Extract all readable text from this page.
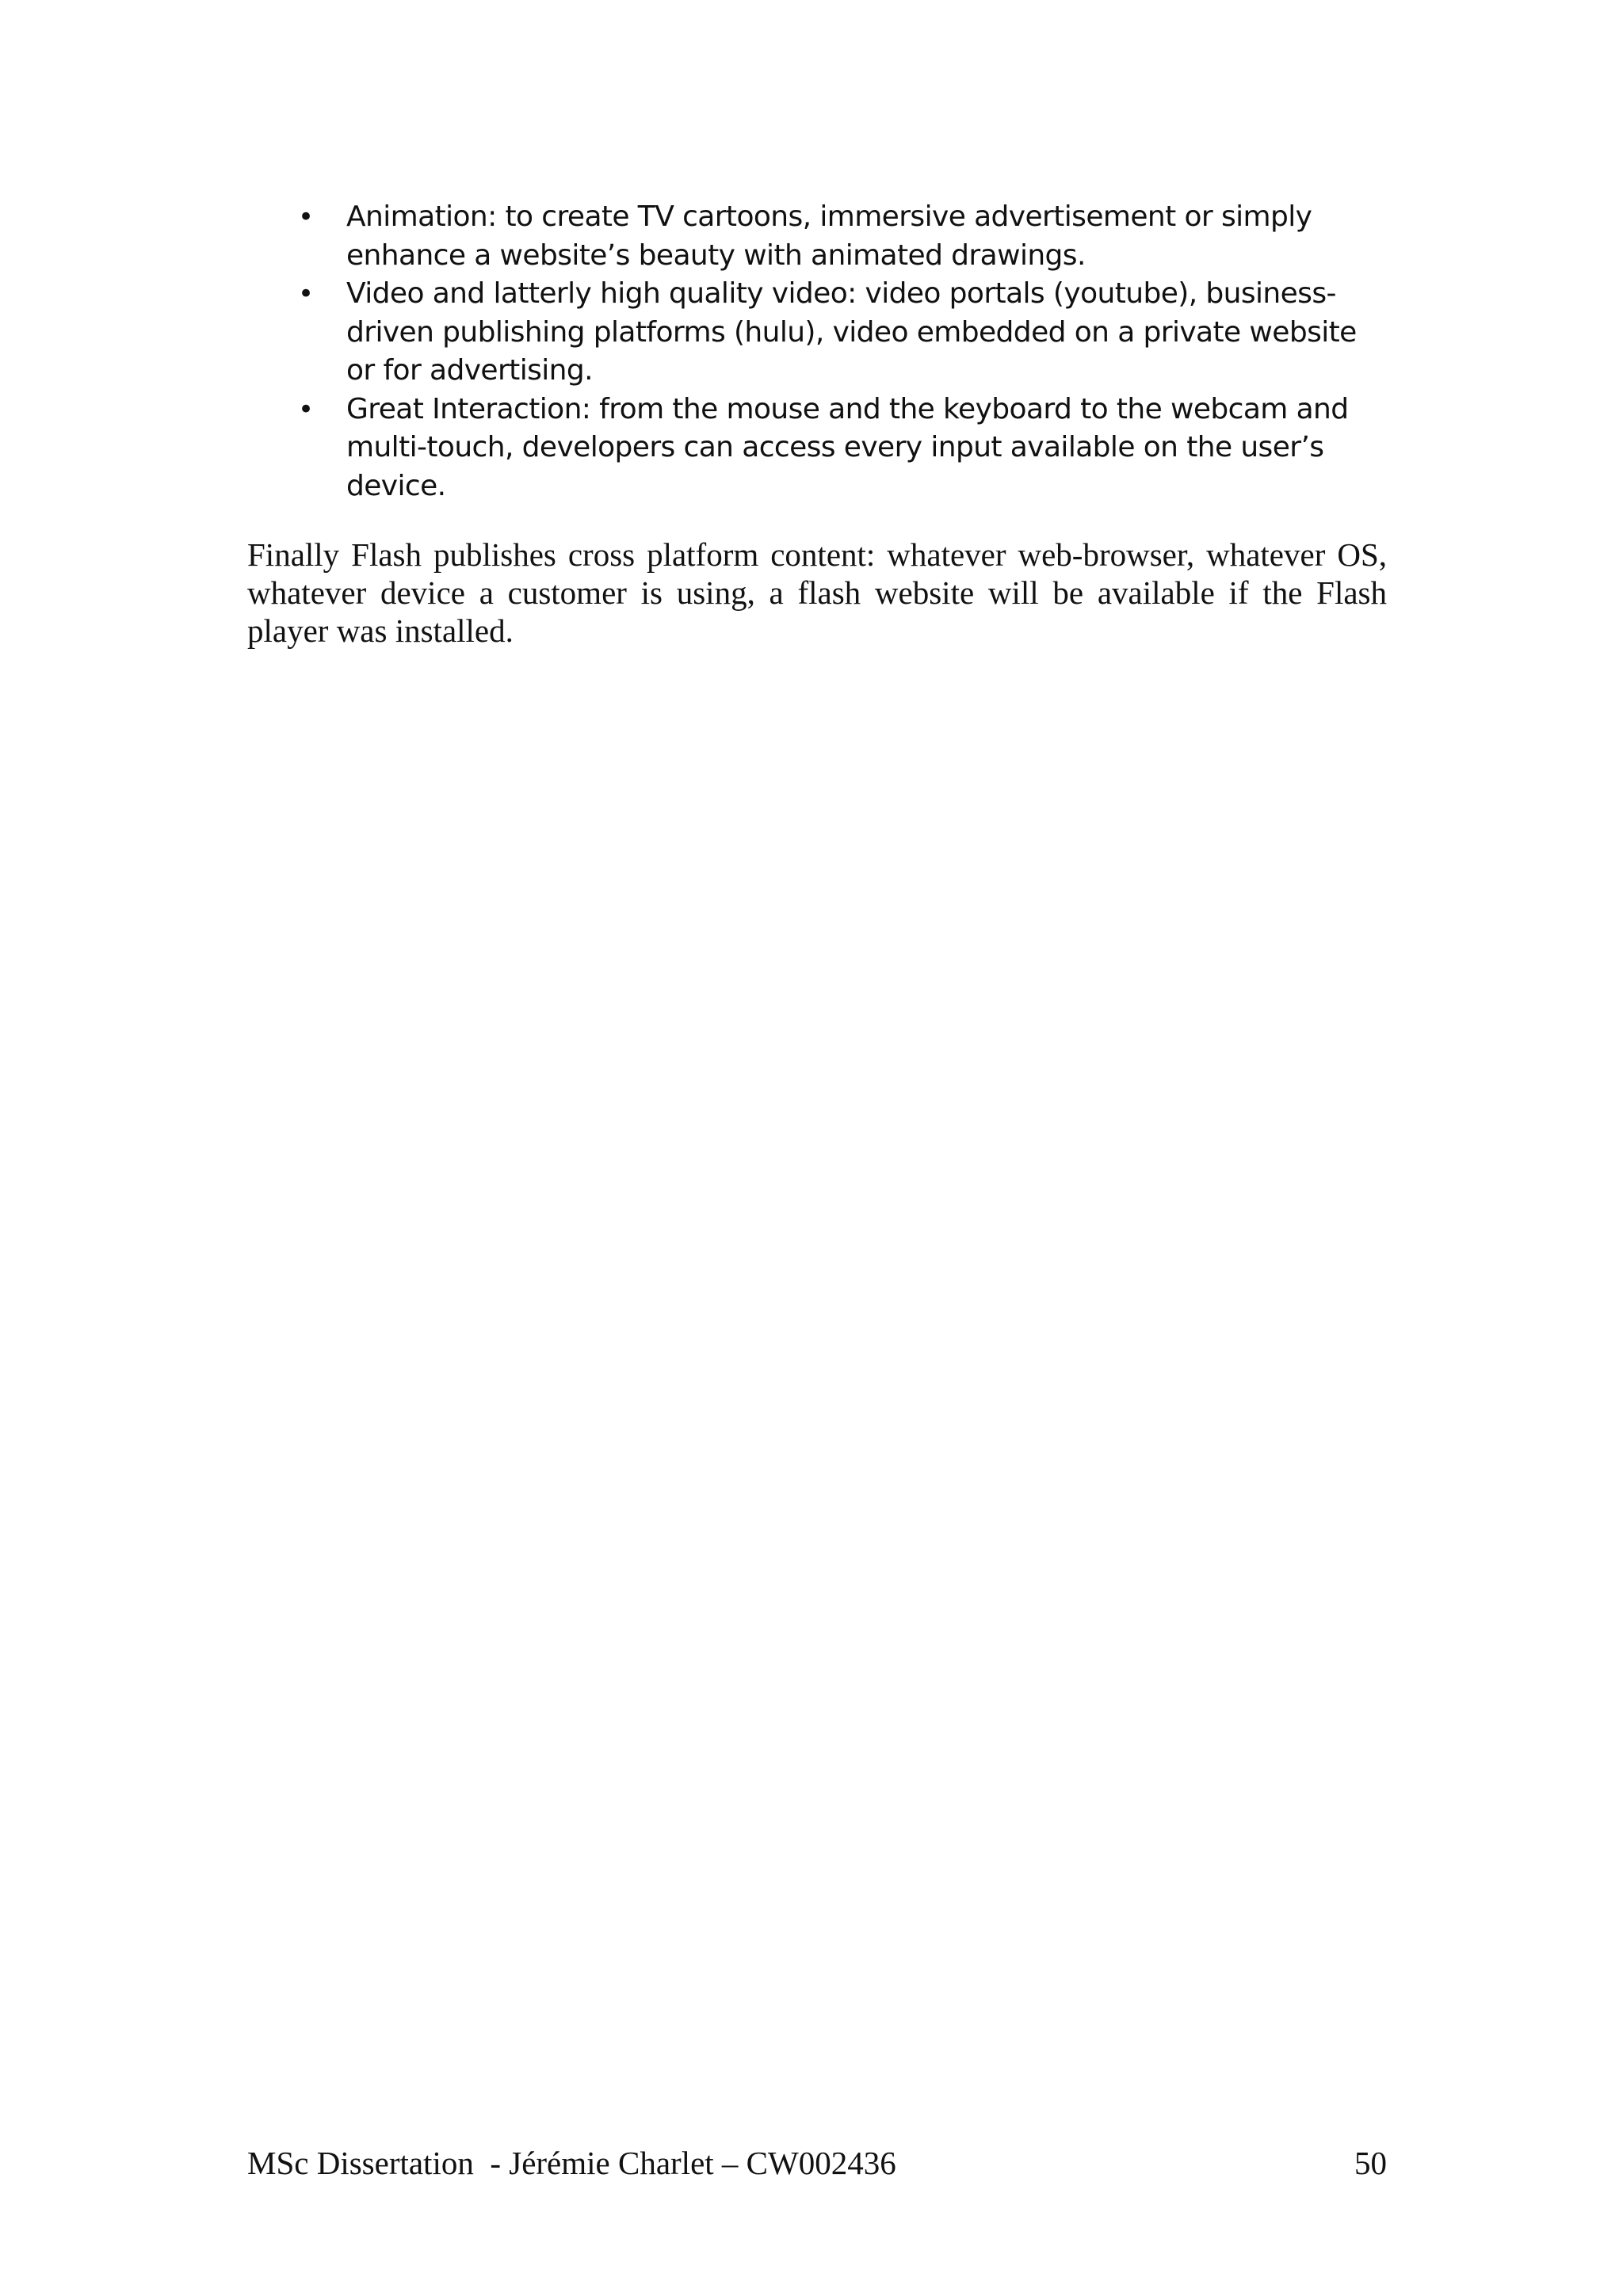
• Animation: to create TV cartoons, immersive advertisement or simply
enhance a website’s beauty with animated drawings.
• Video and latterly high quality video: video portals (youtube), business-
driven publishing platforms (hulu), video embedded on a private website
or for advertising.
• Great Interaction: from the mouse and the keyboard to the webcam and
multi-touch, developers can access every input available on the user’s
device.

Finally Flash publishes cross platform content: whatever web-browser, whatever OS, whatever device a customer is using, a flash website will be available if the Flash player was installed.

MSc Dissertation  - Jérémie Charlet – CW002436	50
